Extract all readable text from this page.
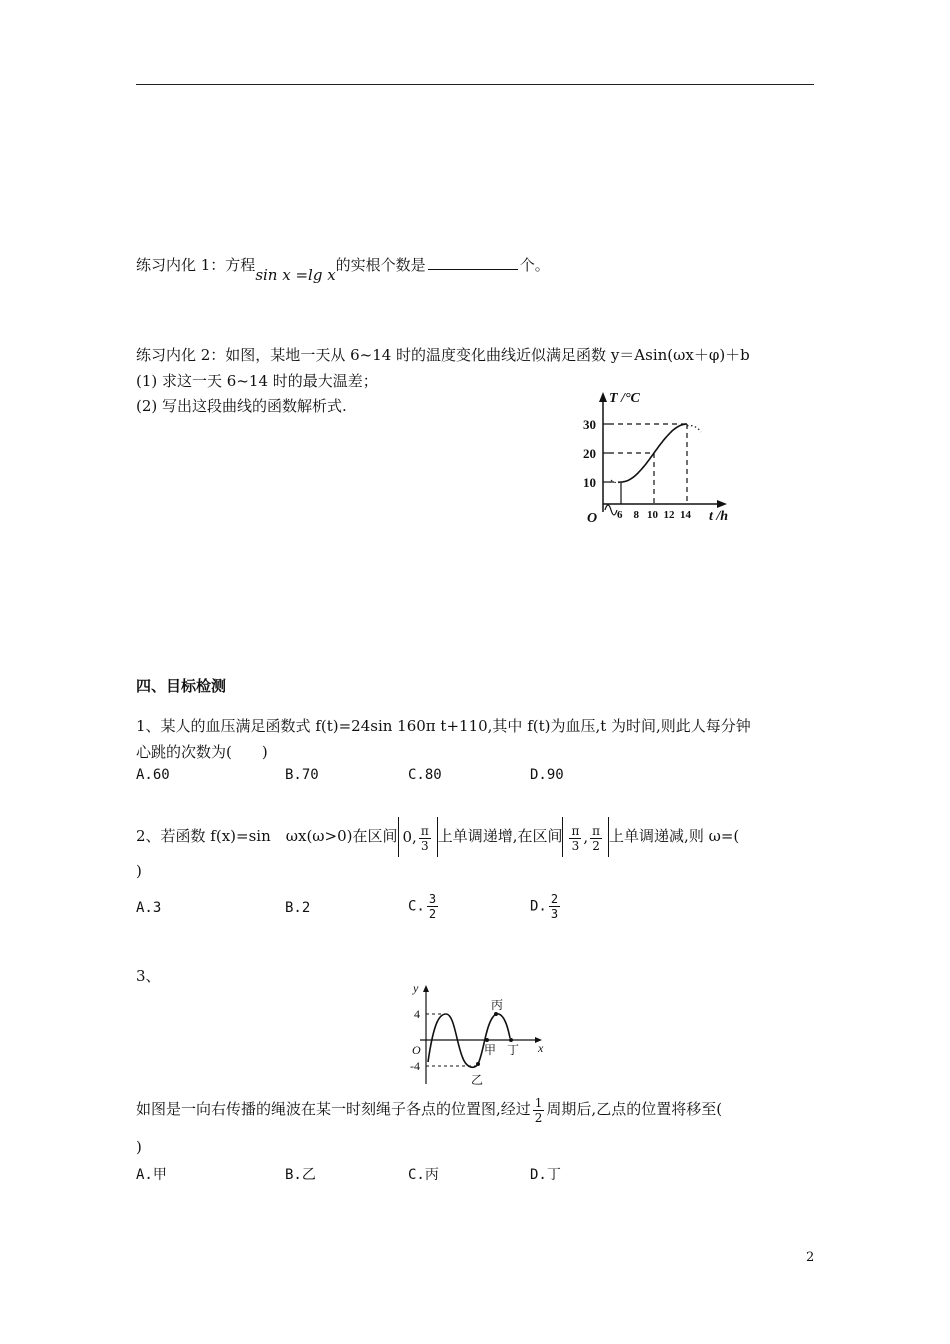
练习内化 1：方程sin x =lg x的实根个数是	个。
练习内化 2：如图，某地一天从 6~14 时的温度变化曲线近似满足函数 y＝Asin(ωx＋φ)＋b
(1) 求这一天 6~14 时的最大温差；
(2) 写出这段曲线的函数解析式.	T /°C
t /h
O
30
20
10
6 8 10 12 14
四、目标检测
1、某人的血压满足函数式 f(t)=24sin 160π t+110,其中 f(t)为血压,t 为时间,则此人每分钟
心跳的次数为(　　)
A.60	B.70	C.80	D.90
2、若函数 f(x)=sin　ωx(ω>0)在区间 0, $\frac{\pi}{3}$ 上单调递增,在区间 $\frac{\pi}{3}$ , $\frac{\pi}{2}$ 上单调递减,则 ω=(
)
A.3	B.2	C. $\frac{3}{2}$	D. $\frac{2}{3}$
3、
y
x
O
4
-4
丙
乙
甲 丁
如图是一向右传播的绳波在某一时刻绳子各点的位置图,经过 $\frac{1}{2}$ 周期后,乙点的位置将移至(
)
A.甲	B.乙	C.丙	D.丁
2
